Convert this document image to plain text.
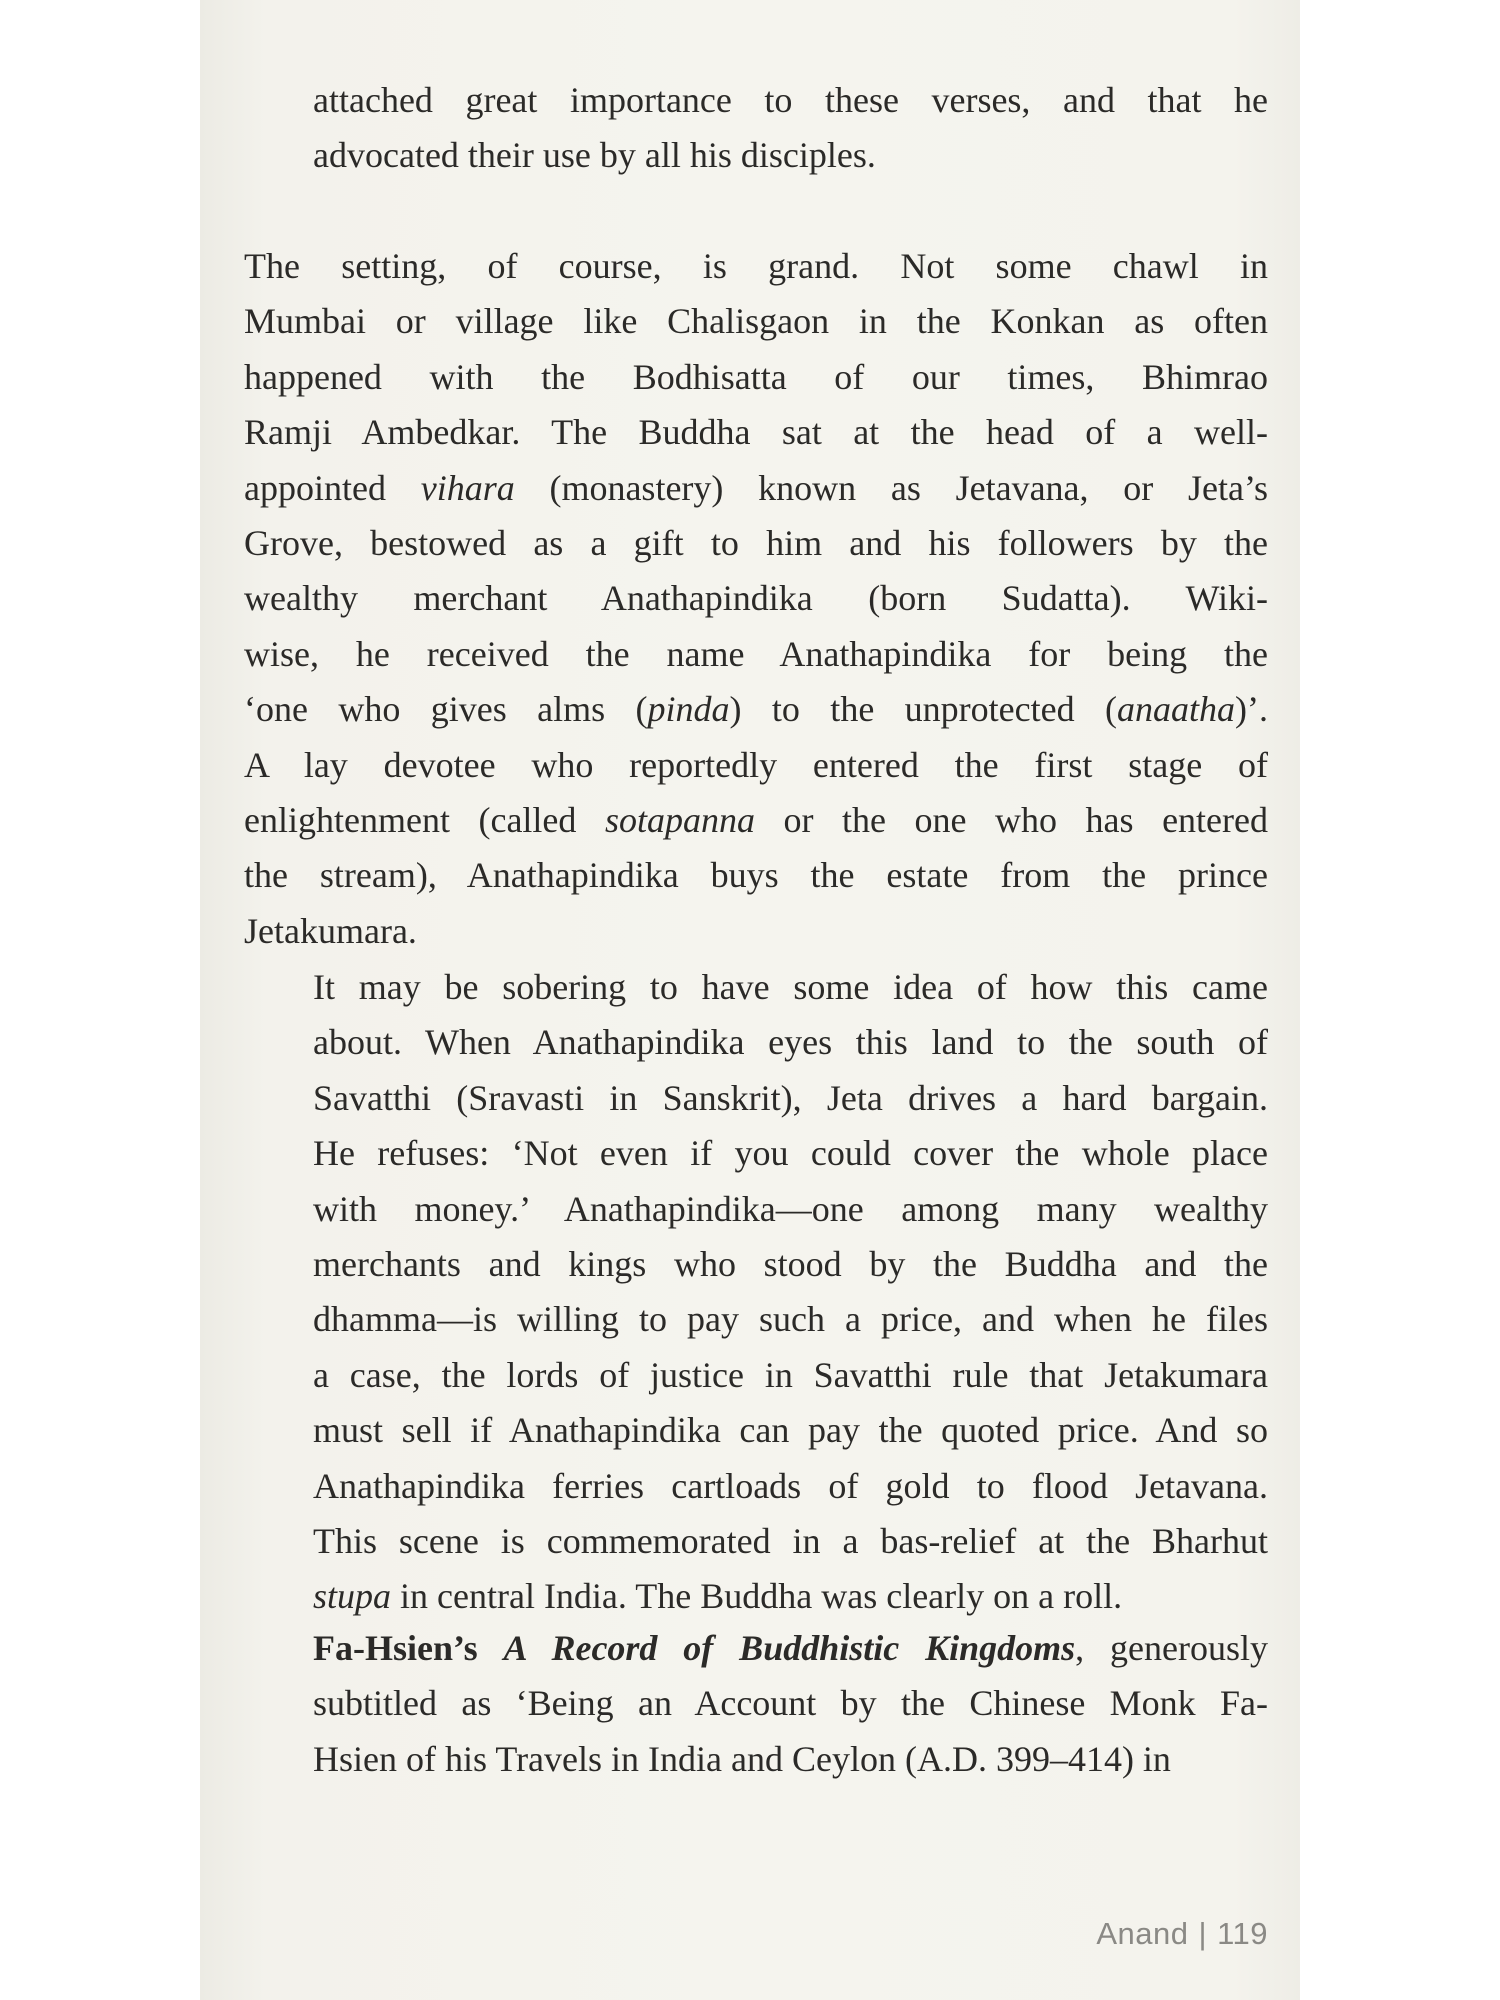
attached great importance to these verses, and that he
advocated their use by all his disciples.
The setting, of course, is grand. Not some chawl in
Mumbai or village like Chalisgaon in the Konkan as often
happened with the Bodhisatta of our times, Bhimrao
Ramji Ambedkar. The Buddha sat at the head of a well-
appointed vihara (monastery) known as Jetavana, or Jeta’s
Grove, bestowed as a gift to him and his followers by the
wealthy merchant Anathapindika (born Sudatta). Wiki-
wise, he received the name Anathapindika for being the
‘one who gives alms (pinda) to the unprotected (anaatha)’.
A lay devotee who reportedly entered the first stage of
enlightenment (called sotapanna or the one who has entered
the stream), Anathapindika buys the estate from the prince
Jetakumara.
It may be sobering to have some idea of how this came
about. When Anathapindika eyes this land to the south of
Savatthi (Sravasti in Sanskrit), Jeta drives a hard bargain.
He refuses: ‘Not even if you could cover the whole place
with money.’ Anathapindika—one among many wealthy
merchants and kings who stood by the Buddha and the
dhamma—is willing to pay such a price, and when he files
a case, the lords of justice in Savatthi rule that Jetakumara
must sell if Anathapindika can pay the quoted price. And so
Anathapindika ferries cartloads of gold to flood Jetavana.
This scene is commemorated in a bas-relief at the Bharhut
stupa in central India. The Buddha was clearly on a roll.
Fa-Hsien’s A Record of Buddhistic Kingdoms, generously
subtitled as ‘Being an Account by the Chinese Monk Fa-
Hsien of his Travels in India and Ceylon (A.D. 399–414) in
Anand | 119
